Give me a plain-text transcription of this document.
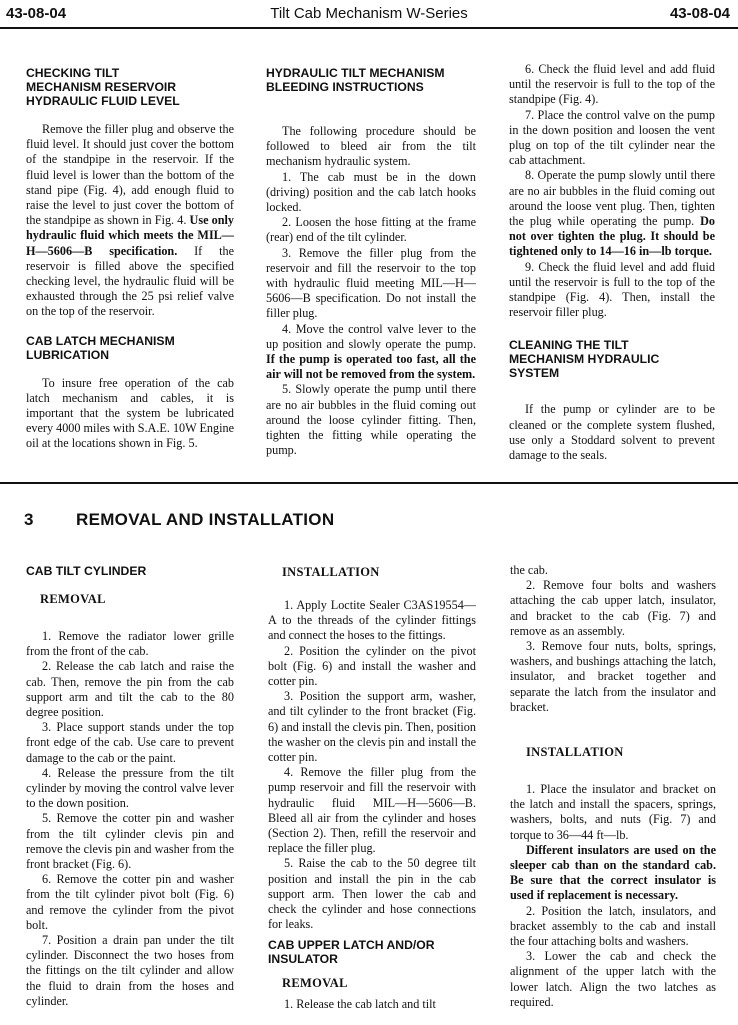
43-08-04	Tilt Cab Mechanism W-Series	43-08-04
CHECKING TILT
MECHANISM RESERVOIR
HYDRAULIC FLUID LEVEL

Remove the filler plug and observe the fluid level. It should just cover the bottom of the standpipe in the reservoir. If the fluid level is lower than the bottom of the stand pipe (Fig. 4), add enough fluid to raise the level to just cover the bottom of the standpipe as shown in Fig. 4. Use only hydraulic fluid which meets the MIL—H—5606—B specification. If the reservoir is filled above the specified checking level, the hydraulic fluid will be exhausted through the 25 psi relief valve on the top of the reservoir.

CAB LATCH MECHANISM
LUBRICATION

To insure free operation of the cab latch mechanism and cables, it is important that the system be lubricated every 4000 miles with S.A.E. 10W Engine oil at the locations shown in Fig. 5.

HYDRAULIC TILT MECHANISM
BLEEDING INSTRUCTIONS

The following procedure should be followed to bleed air from the tilt mechanism hydraulic system.

1. The cab must be in the down (driving) position and the cab latch hooks locked.

2. Loosen the hose fitting at the frame (rear) end of the tilt cylinder.

3. Remove the filler plug from the reservoir and fill the reservoir to the top with hydraulic fluid meeting MIL—H—5606—B specification. Do not install the filler plug.

4. Move the control valve lever to the up position and slowly operate the pump. If the pump is operated too fast, all the air will not be removed from the system.

5. Slowly operate the pump until there are no air bubbles in the fluid coming out around the loose cylinder fitting. Then, tighten the fitting while operating the pump.

6. Check the fluid level and add fluid until the reservoir is full to the top of the standpipe (Fig. 4).

7. Place the control valve on the pump in the down position and loosen the vent plug on top of the tilt cylinder near the cab attachment.

8. Operate the pump slowly until there are no air bubbles in the fluid coming out around the loose vent plug. Then, tighten the plug while operating the pump. Do not over tighten the plug. It should be tightened only to 14—16 in—lb torque.

9. Check the fluid level and add fluid until the reservoir is full to the top of the standpipe (Fig. 4). Then, install the reservoir filler plug.

CLEANING THE TILT
MECHANISM HYDRAULIC
SYSTEM

If the pump or cylinder are to be cleaned or the complete system flushed, use only a Stoddard solvent to prevent damage to the seals.

3	REMOVAL AND INSTALLATION
CAB TILT CYLINDER
REMOVAL

1. Remove the radiator lower grille from the front of the cab.

2. Release the cab latch and raise the cab. Then, remove the pin from the cab support arm and tilt the cab to the 80 degree position.

3. Place support stands under the top front edge of the cab. Use care to prevent damage to the cab or the paint.

4. Release the pressure from the tilt cylinder by moving the control valve lever to the down position.

5. Remove the cotter pin and washer from the tilt cylinder clevis pin and remove the clevis pin and washer from the front bracket (Fig. 6).

6. Remove the cotter pin and washer from the tilt cylinder pivot bolt (Fig. 6) and remove the cylinder from the pivot bolt.

7. Position a drain pan under the tilt cylinder. Disconnect the two hoses from the fittings on the tilt cylinder and allow the fluid to drain from the hoses and cylinder.

INSTALLATION

1. Apply Loctite Sealer C3AS19554—A to the threads of the cylinder fittings and connect the hoses to the fittings.

2. Position the cylinder on the pivot bolt (Fig. 6) and install the washer and cotter pin.

3. Position the support arm, washer, and tilt cylinder to the front bracket (Fig. 6) and install the clevis pin. Then, position the washer on the clevis pin and install the cotter pin.

4. Remove the filler plug from the pump reservoir and fill the reservoir with hydraulic fluid MIL—H—5606—B. Bleed all air from the cylinder and hoses (Section 2). Then, refill the reservoir and replace the filler plug.

5. Raise the cab to the 50 degree tilt position and install the pin in the cab support arm. Then lower the cab and check the cylinder and hose connections for leaks.

CAB UPPER LATCH AND/OR
INSULATOR
REMOVAL

1. Release the cab latch and tilt

the cab.

2. Remove four bolts and washers attaching the cab upper latch, insulator, and bracket to the cab (Fig. 7) and remove as an assembly.

3. Remove four nuts, bolts, springs, washers, and bushings attaching the latch, insulator, and bracket together and separate the latch from the insulator and bracket.

INSTALLATION

1. Place the insulator and bracket on the latch and install the spacers, springs, washers, bolts, and nuts (Fig. 7) and torque to 36—44 ft—lb.

Different insulators are used on the sleeper cab than on the standard cab. Be sure that the correct insulator is used if replacement is necessary.

2. Position the latch, insulators, and bracket assembly to the cab and install the four attaching bolts and washers.

3. Lower the cab and check the alignment of the upper latch with the lower latch. Align the two latches as required.
